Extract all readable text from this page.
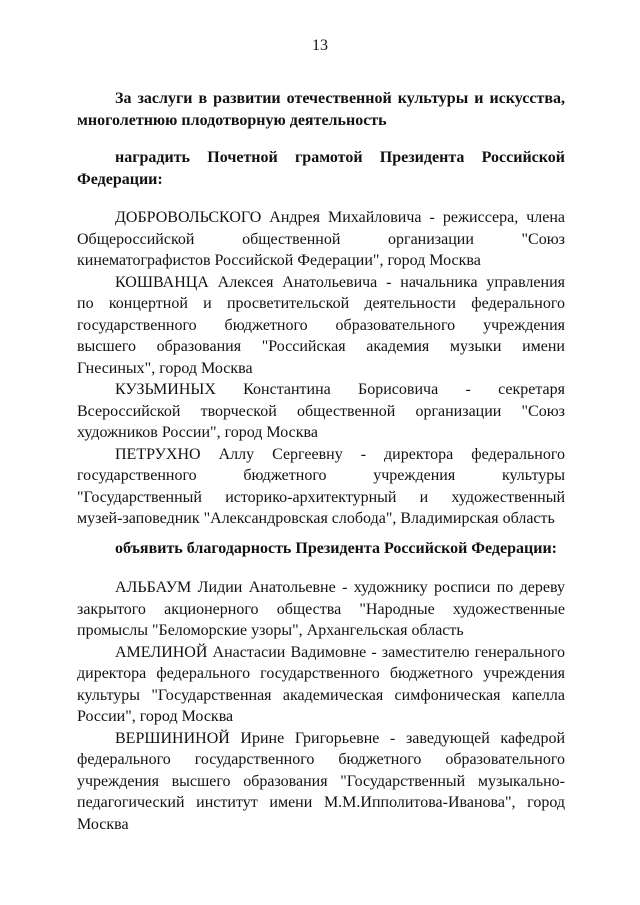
13
За заслуги в развитии отечественной культуры и искусства,
многолетнюю плодотворную деятельность
наградить Почетной грамотой Президента Российской
Федерации:
ДОБРОВОЛЬСКОГО Андрея Михайловича - режиссера, члена
Общероссийской общественной организации "Союз
кинематографистов Российской Федерации", город Москва
КОШВАНЦА Алексея Анатольевича - начальника управления
по концертной и просветительской деятельности федерального
государственного бюджетного образовательного учреждения
высшего образования "Российская академия музыки имени
Гнесиных", город Москва
КУЗЬМИНЫХ Константина Борисовича - секретаря
Всероссийской творческой общественной организации "Союз
художников России", город Москва
ПЕТРУХНО Аллу Сергеевну - директора федерального
государственного бюджетного учреждения культуры
"Государственный историко-архитектурный и художественный
музей-заповедник "Александровская слобода", Владимирская область
объявить благодарность Президента Российской Федерации:
АЛЬБАУМ Лидии Анатольевне - художнику росписи по дереву
закрытого акционерного общества "Народные художественные
промыслы "Беломорские узоры", Архангельская область
АМЕЛИНОЙ Анастасии Вадимовне - заместителю генерального
директора федерального государственного бюджетного учреждения
культуры "Государственная академическая симфоническая капелла
России", город Москва
ВЕРШИНИНОЙ Ирине Григорьевне - заведующей кафедрой
федерального государственного бюджетного образовательного
учреждения высшего образования "Государственный музыкально-
педагогический институт имени М.М.Ипполитова-Иванова", город
Москва
